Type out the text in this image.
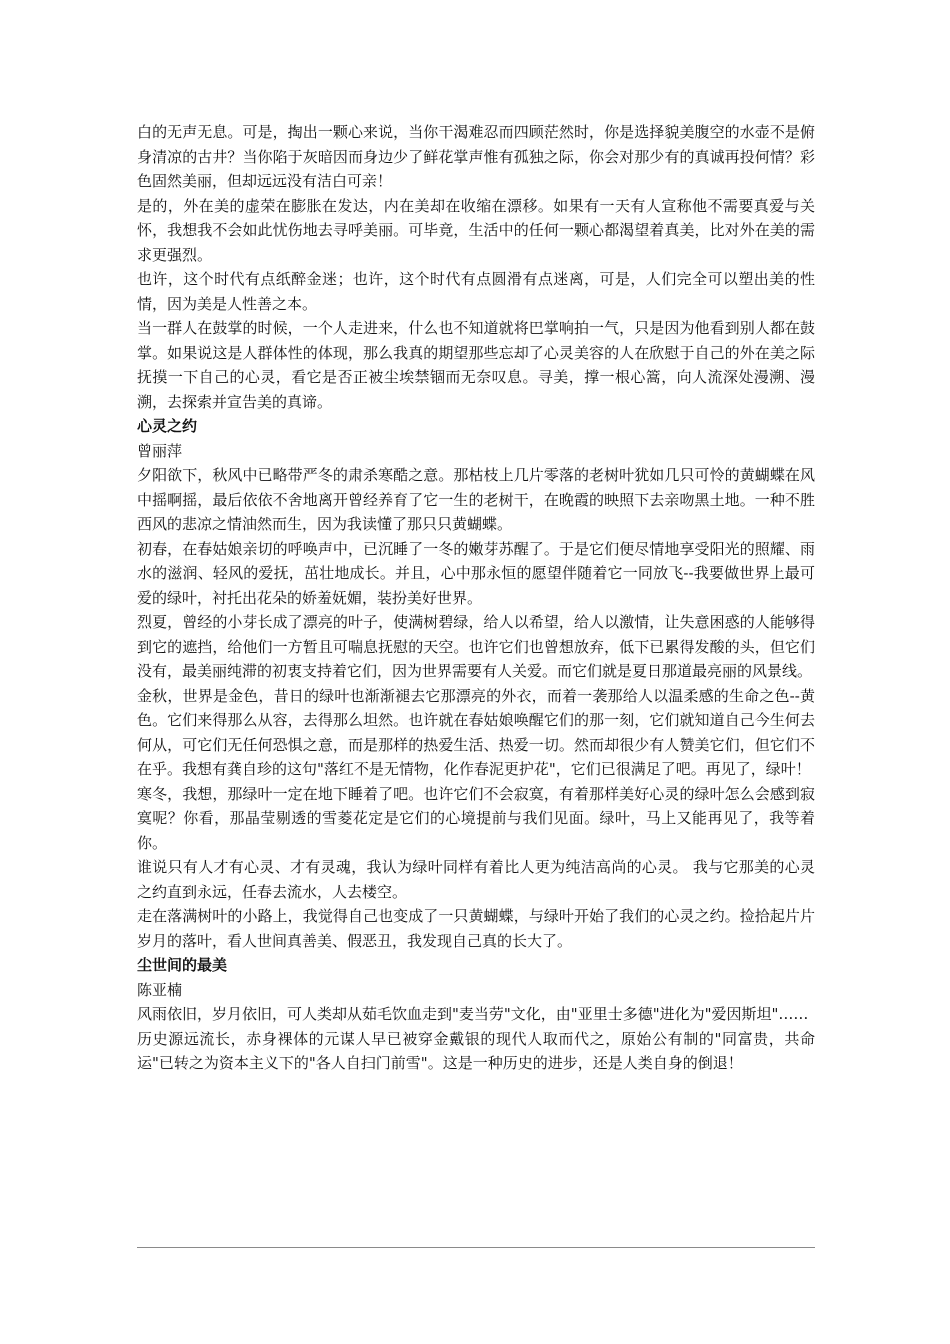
白的无声无息。可是，掏出一颗心来说，当你干渴难忍而四顾茫然时，你是选择貌美腹空的水壶不是俯身清凉的古井？当你陷于灰暗因而身边少了鲜花掌声惟有孤独之际，你会对那少有的真诚再投何情？彩色固然美丽，但却远远没有洁白可亲！

是的，外在美的虚荣在膨胀在发达，内在美却在收缩在漂移。如果有一天有人宣称他不需要真爱与关怀，我想我不会如此忧伤地去寻呼美丽。可毕竟，生活中的任何一颗心都渴望着真美，比对外在美的需求更强烈。

也许，这个时代有点纸醉金迷；也许，这个时代有点圆滑有点迷离，可是，人们完全可以塑出美的性情，因为美是人性善之本。

当一群人在鼓掌的时候，一个人走进来，什么也不知道就将巴掌响拍一气，只是因为他看到别人都在鼓掌。如果说这是人群体性的体现，那么我真的期望那些忘却了心灵美容的人在欣慰于自己的外在美之际抚摸一下自己的心灵，看它是否正被尘埃禁锢而无奈叹息。寻美，撑一根心篙，向人流深处漫溯、漫溯，去探索并宣告美的真谛。

心灵之约

曾丽萍

夕阳欲下，秋风中已略带严冬的肃杀寒酷之意。那枯枝上几片零落的老树叶犹如几只可怜的黄蝴蝶在风中摇啊摇，最后依依不舍地离开曾经养育了它一生的老树干，在晚霞的映照下去亲吻黑土地。一种不胜西风的悲凉之情油然而生，因为我读懂了那只只黄蝴蝶。

初春，在春姑娘亲切的呼唤声中，已沉睡了一冬的嫩芽苏醒了。于是它们便尽情地享受阳光的照耀、雨水的滋润、轻风的爱抚，茁壮地成长。并且，心中那永恒的愿望伴随着它一同放飞--我要做世界上最可爱的绿叶，衬托出花朵的娇羞妩媚，装扮美好世界。

烈夏，曾经的小芽长成了漂亮的叶子，使满树碧绿，给人以希望，给人以激情，让失意困惑的人能够得到它的遮挡，给他们一方暂且可喘息抚慰的天空。也许它们也曾想放弃，低下已累得发酸的头，但它们没有，最美丽纯滞的初衷支持着它们，因为世界需要有人关爱。而它们就是夏日那道最亮丽的风景线。

金秋，世界是金色，昔日的绿叶也渐渐褪去它那漂亮的外衣，而着一袭那给人以温柔感的生命之色--黄色。它们来得那么从容，去得那么坦然。也许就在春姑娘唤醒它们的那一刻，它们就知道自己今生何去何从，可它们无任何恐惧之意，而是那样的热爱生活、热爱一切。然而却很少有人赞美它们，但它们不在乎。我想有龚自珍的这句"落红不是无情物，化作春泥更护花"，它们已很满足了吧。再见了，绿叶！

寒冬，我想，那绿叶一定在地下睡着了吧。也许它们不会寂寞，有着那样美好心灵的绿叶怎么会感到寂寞呢？你看，那晶莹剔透的雪菱花定是它们的心境提前与我们见面。绿叶，马上又能再见了，我等着你。

谁说只有人才有心灵、才有灵魂，我认为绿叶同样有着比人更为纯洁高尚的心灵。 我与它那美的心灵之约直到永远，任春去流水，人去楼空。

走在落满树叶的小路上，我觉得自己也变成了一只黄蝴蝶，与绿叶开始了我们的心灵之约。捡拾起片片岁月的落叶，看人世间真善美、假恶丑，我发现自己真的长大了。

尘世间的最美

陈亚楠

风雨依旧，岁月依旧，可人类却从茹毛饮血走到"麦当劳"文化，由"亚里士多德"进化为"爱因斯坦"……

历史源远流长，赤身裸体的元谋人早已被穿金戴银的现代人取而代之，原始公有制的"同富贵，共命运"已转之为资本主义下的"各人自扫门前雪"。这是一种历史的进步，还是人类自身的倒退！
